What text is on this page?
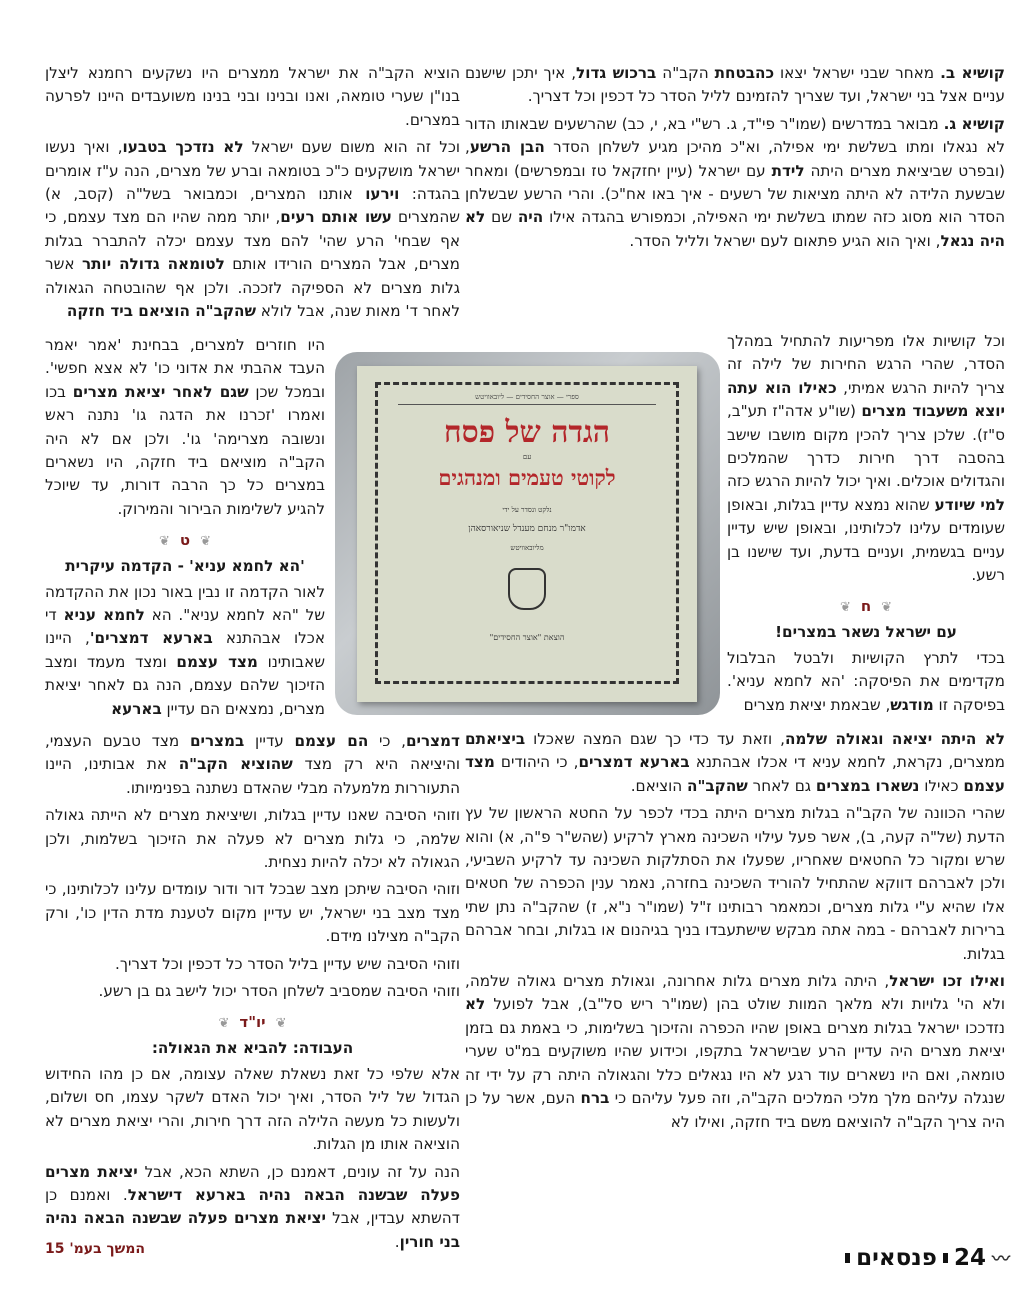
קושיא ב. מאחר שבני ישראל יצאו כהבטחת הקב"ה ברכוש גדול, איך יתכן שישנם עניים אצל בני ישראל, ועד שצריך להזמינם לליל הסדר כל דכפין וכל דצריך.

קושיא ג. מבואר במדרשים (שמו"ר פי"ד, ג. רש"י בא, י, כב) שהרשעים שבאותו הדור לא נגאלו ומתו בשלשת ימי אפילה, וא"כ מהיכן מגיע לשלחן הסדר הבן הרשע, (ובפרט שביציאת מצרים היתה לידת עם ישראל (עיין יחזקאל טז ובמפרשים) ומאחר שבשעת הלידה לא היתה מציאות של רשעים - איך באו אח"כ). והרי הרשע שבשלחן הסדר הוא מסוג כזה שמתו בשלשת ימי האפילה, וכמפורש בהגדה אילו היה שם לא היה נגאל, ואיך הוא הגיע פתאום לעם ישראל ולליל הסדר.

וכל קושיות אלו מפריעות להתחיל במהלך הסדר, שהרי הרגש החירות של לילה זה צריך להיות הרגש אמיתי, כאילו הוא עתה יוצא משעבוד מצרים (שו"ע אדה"ז תע"ב, ס"ז). שלכן צריך להכין מקום מושבו שישב בהסבה דרך חירות כדרך שהמלכים והגדולים אוכלים. ואיך יכול להיות הרגש כזה למי שיודע שהוא נמצא עדיין בגלות, ובאופן שעומדים עלינו לכלותינו, ובאופן שיש עדיין עניים בגשמית, ועניים בדעת, ועד שישנו בן רשע.

❦ח❦
עם ישראל נשאר במצרים!

בכדי לתרץ הקושיות ולבטל הבלבול מקדימים את הפיסקה: 'הא לחמא עניא'. בפיסקה זו מודגש, שבאמת יציאת מצרים

לא היתה יציאה וגאולה שלמה, וזאת עד כדי כך שגם המצה שאכלו ביציאתם ממצרים, נקראת, לחמא עניא די אכלו אבהתנא בארעא דמצרים, כי היהודים מצד עצמם כאילו נשארו במצרים גם לאחר שהקב"ה הוציאם.

שהרי הכוונה של הקב"ה בגלות מצרים היתה בכדי לכפר על החטא הראשון של עץ הדעת (של"ה קעה, ב), אשר פעל עילוי השכינה מארץ לרקיע (שהש"ר פ"ה, א) והוא שרש ומקור כל החטאים שאחריו, שפעלו את הסתלקות השכינה עד לרקיע השביעי, ולכן לאברהם דווקא שהתחיל להוריד השכינה בחזרה, נאמר ענין הכפרה של חטאים אלו שהיא ע"י גלות מצרים, וכמאמר רבותינו ז"ל (שמו"ר נ"א, ז) שהקב"ה נתן שתי ברירות לאברהם - במה אתה מבקש שישתעבדו בניך בגיהנום או בגלות, ובחר אברהם בגלות.

ואילו זכו ישראל, היתה גלות מצרים גלות אחרונה, וגאולת מצרים גאולה שלמה, ולא הי' גלויות ולא מלאך המוות שולט בהן (שמו"ר ריש סל"ב), אבל לפועל לא נזדככו ישראל בגלות מצרים באופן שהיו הכפרה והזיכוך בשלימות, כי באמת גם בזמן יציאת מצרים היה עדיין הרע שבישראל בתקפו, וכידוע שהיו משוקעים במ"ט שערי טומאה, ואם היו נשארים עוד רגע לא היו נגאלים כלל והגאולה היתה רק על ידי זה שנגלה עליהם מלך מלכי המלכים הקב"ה, וזה פעל עליהם כי ברח העם, אשר על כן היה צריך הקב"ה להוציאם משם ביד חזקה, ואילו לא

הוציא הקב"ה את ישראל ממצרים היו נשקעים רחמנא ליצלן בנו"ן שערי טומאה, ואנו ובנינו ובני בנינו משועבדים היינו לפרעה במצרים.

וכל זה הוא משום שעם ישראל לא נזדכך בטבעו, ואיך נעשו ישראל מושקעים כ"כ בטומאה וברע של מצרים, הנה ע"ז אומרים בהגדה: וירעו אותנו המצרים, וכמבואר בשל"ה (קסב, א) שהמצרים עשו אותם רעים, יותר ממה שהיו הם מצד עצמם, כי אף שבחי' הרע שהי' להם מצד עצמם יכלה להתברר בגלות מצרים, אבל המצרים הורידו אותם לטומאה גדולה יותר אשר גלות מצרים לא הספיקה לזככה. ולכן אף שהובטחה הגאולה לאחר ד' מאות שנה, אבל לולא שהקב"ה הוציאם ביד חזקה

היו חוזרים למצרים, בבחינת 'אמר יאמר העבד אהבתי את אדוני כו' לא אצא חפשי'. ובמכל שכן שגם לאחר יציאת מצרים בכו ואמרו 'זכרנו את הדגה גו' נתנה ראש ונשובה מצרימה' גו'. ולכן אם לא היה הקב"ה מוציאם ביד חזקה, היו נשארים במצרים כל כך הרבה דורות, עד שיוכל להגיע לשלימות הבירור והמירוק.

❦ט❦
'הא לחמא עניא' - הקדמה עיקרית

לאור הקדמה זו נבין באור נכון את ההקדמה של "הא לחמא עניא". הא לחמא עניא די אכלו אבהתנא בארעא דמצרים', היינו שאבותינו מצד עצמם ומצד מעמד ומצב הזיכוך שלהם עצמם, הנה גם לאחר יציאת מצרים, נמצאים הם עדיין בארעא

דמצרים, כי הם עצמם עדיין במצרים מצד טבעם העצמי, והיציאה היא רק מצד שהוציא הקב"ה את אבותינו, היינו התעוררות מלמעלה מבלי שהאדם נשתנה בפנימיותו.

וזוהי הסיבה שאנו עדיין בגלות, ושיציאת מצרים לא הייתה גאולה שלמה, כי גלות מצרים לא פעלה את הזיכוך בשלמות, ולכן הגאולה לא יכלה להיות נצחית.

וזוהי הסיבה שיתכן מצב שבכל דור ודור עומדים עלינו לכלותינו, כי מצד מצב בני ישראל, יש עדיין מקום לטענת מדת הדין כו', ורק הקב"ה מצילנו מידם.

וזוהי הסיבה שיש עדיין בליל הסדר כל דכפין וכל דצריך.

וזוהי הסיבה שמסביב לשלחן הסדר יכול לישב גם בן רשע.

❦יו"ד❦
העבודה: להביא את הגאולה:

אלא שלפי כל זאת נשאלת שאלה עצומה, אם כן מהו החידוש הגדול של ליל הסדר, ואיך יכול האדם לשקר עצמו, חס ושלום, ולעשות כל מעשה הלילה הזה דרך חירות, והרי יציאת מצרים לא הוציאה אותו מן הגלות.

הנה על זה עונים, דאמנם כן, השתא הכא, אבל יציאת מצרים פעלה שבשנה הבאה נהיה בארעא דישראל. ואמנם כן דהשתא עבדין, אבל יציאת מצרים פעלה שבשנה הבאה נהיה בני חורין.

המשך בעמ' 15
ספרי — אוצר החסידים — ליובאוויטש
הגדה של פסח
עם
לקוטי טעמים ומנהגים
נלקט ונסדר על ידי
אדמו"ר מנחם מענדל שניאורסאהן
מליובאוויטש
הוצאת "אוצר החסידים"
〰
24
פנסאים
